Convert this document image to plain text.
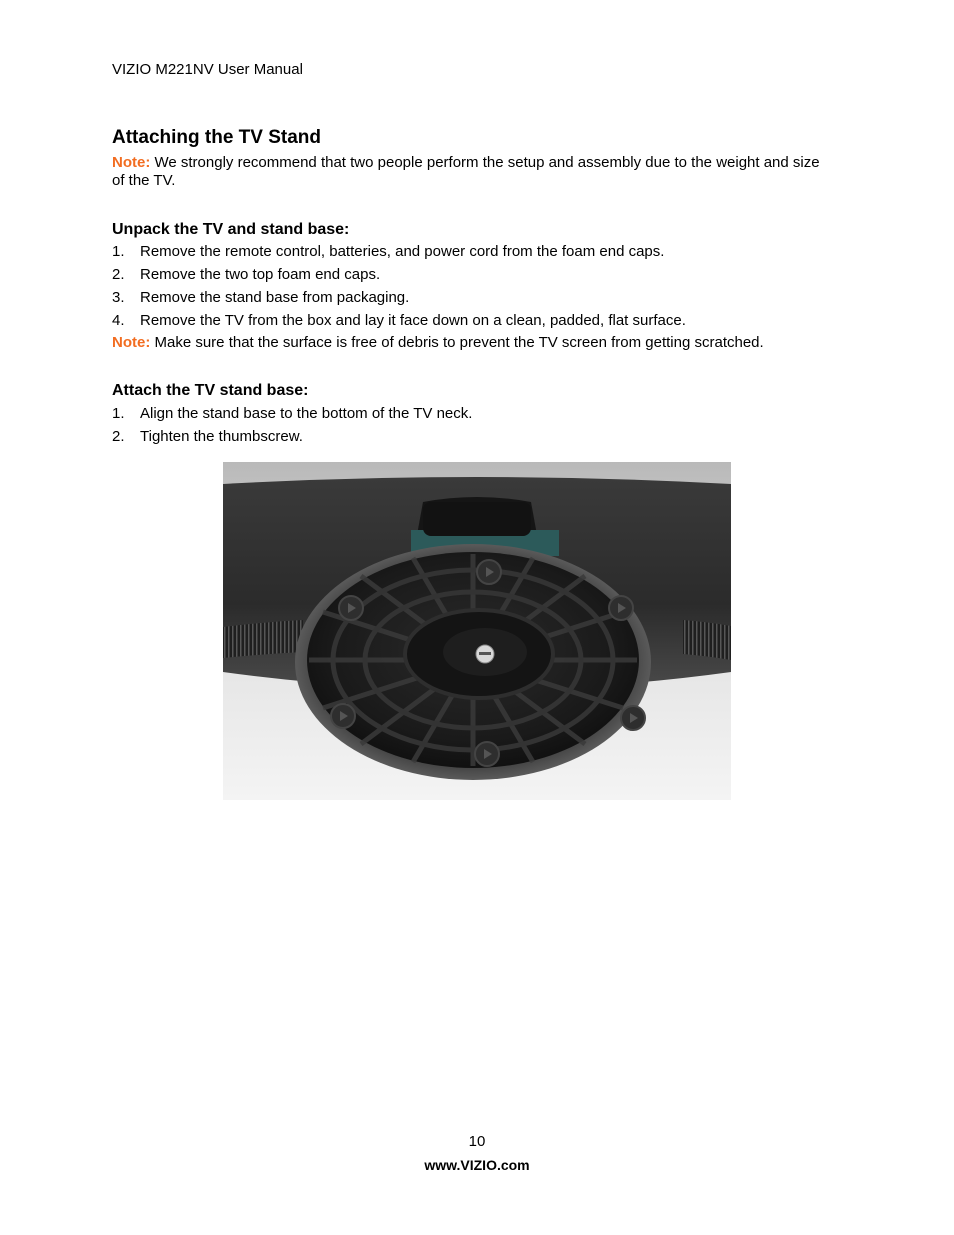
VIZIO M221NV User Manual
Attaching the TV Stand

Note: We strongly recommend that two people perform the setup and assembly due to the weight and size of the TV.

Unpack the TV and stand base:
1. Remove the remote control, batteries, and power cord from the foam end caps.
2. Remove the two top foam end caps.
3. Remove the stand base from packaging.
4. Remove the TV from the box and lay it face down on a clean, padded, flat surface.

Note: Make sure that the surface is free of debris to prevent the TV screen from getting scratched.

Attach the TV stand base:
1. Align the stand base to the bottom of the TV neck.
2. Tighten the thumbscrew.
10
www.VIZIO.com
